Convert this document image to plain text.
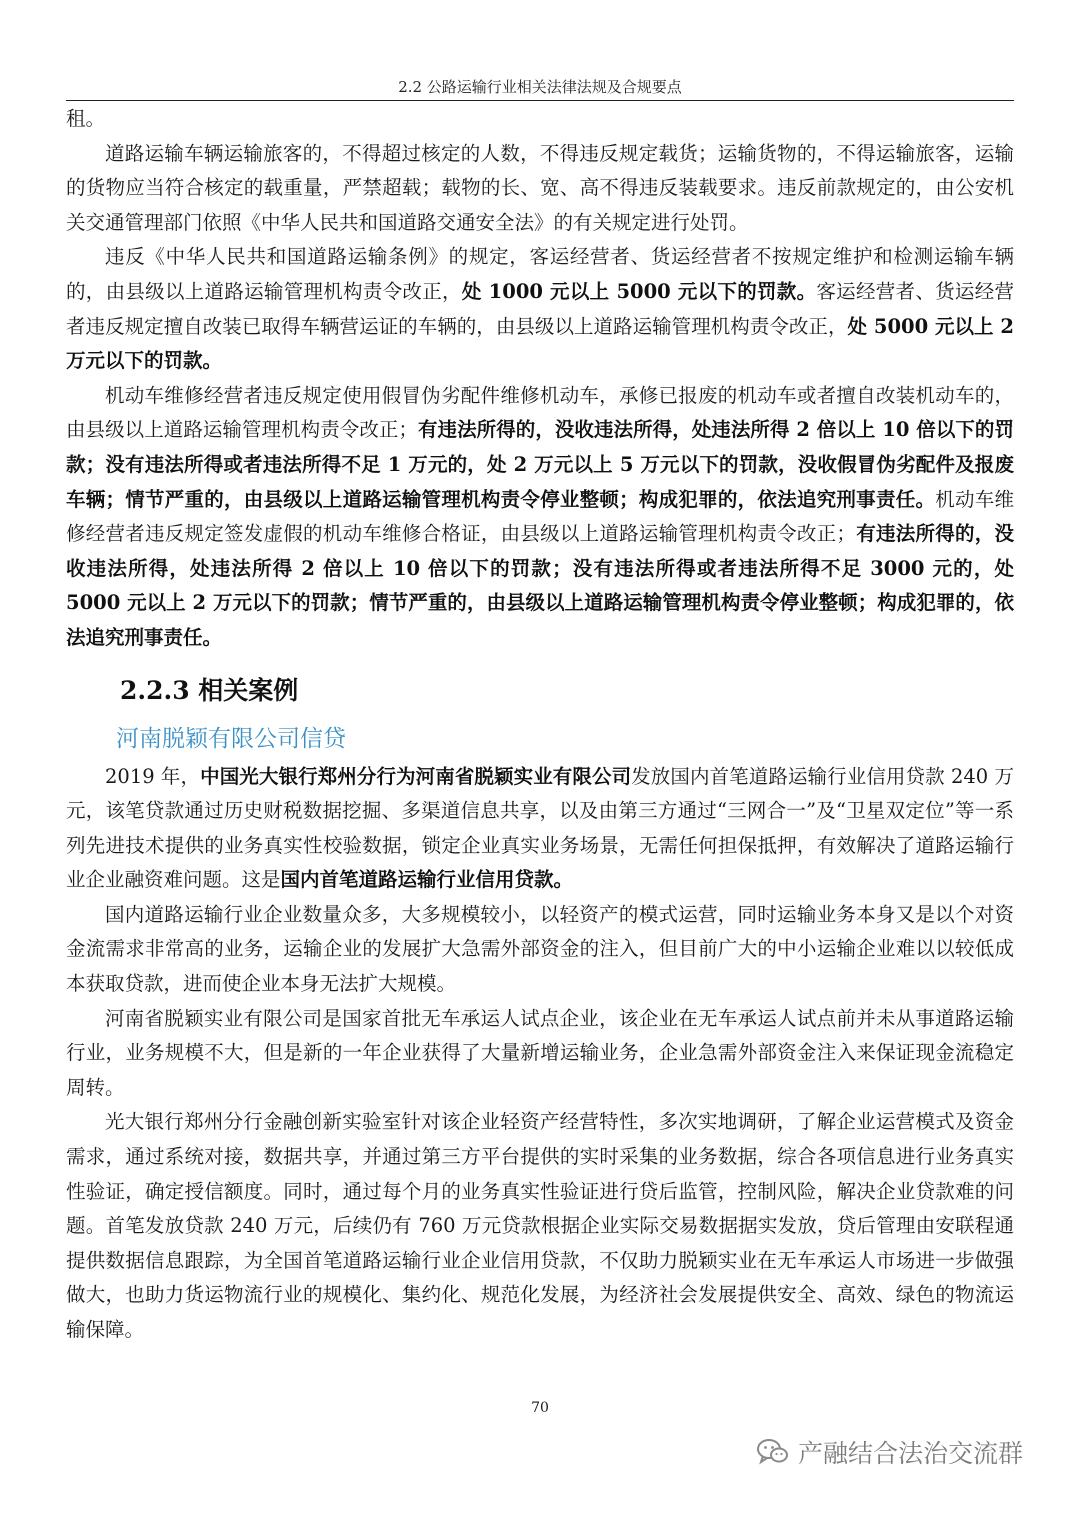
2.2 公路运输行业相关法律法规及合规要点

租。

道路运输车辆运输旅客的，不得超过核定的人数，不得违反规定载货；运输货物的，不得运输旅客，运输的货物应当符合核定的载重量，严禁超载；载物的长、宽、高不得违反装载要求。违反前款规定的，由公安机关交通管理部门依照《中华人民共和国道路交通安全法》的有关规定进行处罚。

违反《中华人民共和国道路运输条例》的规定，客运经营者、货运经营者不按规定维护和检测运输车辆的，由县级以上道路运输管理机构责令改正，处 1000 元以上 5000 元以下的罚款。客运经营者、货运经营者违反规定擅自改装已取得车辆营运证的车辆的，由县级以上道路运输管理机构责令改正，处 5000 元以上 2 万元以下的罚款。

机动车维修经营者违反规定使用假冒伪劣配件维修机动车，承修已报废的机动车或者擅自改装机动车的，由县级以上道路运输管理机构责令改正；有违法所得的，没收违法所得，处违法所得 2 倍以上 10 倍以下的罚款；没有违法所得或者违法所得不足 1 万元的，处 2 万元以上 5 万元以下的罚款，没收假冒伪劣配件及报废车辆；情节严重的，由县级以上道路运输管理机构责令停业整顿；构成犯罪的，依法追究刑事责任。机动车维修经营者违反规定签发虚假的机动车维修合格证，由县级以上道路运输管理机构责令改正；有违法所得的，没收违法所得，处违法所得 2 倍以上 10 倍以下的罚款；没有违法所得或者违法所得不足 3000 元的，处 5000 元以上 2 万元以下的罚款；情节严重的，由县级以上道路运输管理机构责令停业整顿；构成犯罪的，依法追究刑事责任。

2.2.3 相关案例
河南脱颖有限公司信贷

2019 年，中国光大银行郑州分行为河南省脱颖实业有限公司发放国内首笔道路运输行业信用贷款 240 万元，该笔贷款通过历史财税数据挖掘、多渠道信息共享，以及由第三方通过“三网合一”及“卫星双定位”等一系列先进技术提供的业务真实性校验数据，锁定企业真实业务场景，无需任何担保抵押，有效解决了道路运输行业企业融资难问题。这是国内首笔道路运输行业信用贷款。

国内道路运输行业企业数量众多，大多规模较小，以轻资产的模式运营，同时运输业务本身又是以个对资金流需求非常高的业务，运输企业的发展扩大急需外部资金的注入，但目前广大的中小运输企业难以以较低成本获取贷款，进而使企业本身无法扩大规模。

河南省脱颖实业有限公司是国家首批无车承运人试点企业，该企业在无车承运人试点前并未从事道路运输行业，业务规模不大，但是新的一年企业获得了大量新增运输业务，企业急需外部资金注入来保证现金流稳定周转。

光大银行郑州分行金融创新实验室针对该企业轻资产经营特性，多次实地调研，了解企业运营模式及资金需求，通过系统对接，数据共享，并通过第三方平台提供的实时采集的业务数据，综合各项信息进行业务真实性验证，确定授信额度。同时，通过每个月的业务真实性验证进行贷后监管，控制风险，解决企业贷款难的问题。首笔发放贷款 240 万元，后续仍有 760 万元贷款根据企业实际交易数据据实发放，贷后管理由安联程通提供数据信息跟踪，为全国首笔道路运输行业企业信用贷款，不仅助力脱颖实业在无车承运人市场进一步做强做大，也助力货运物流行业的规模化、集约化、规范化发展，为经济社会发展提供安全、高效、绿色的物流运输保障。

70
产融结合法治交流群
